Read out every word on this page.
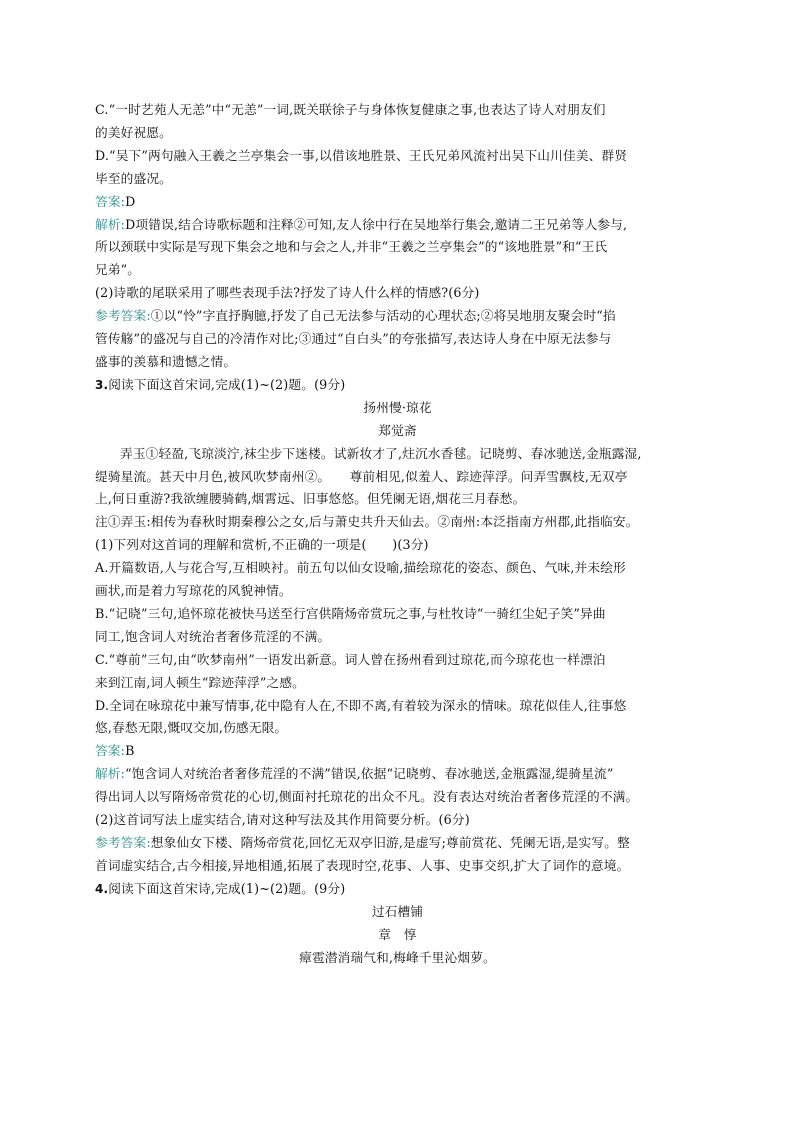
C.“一时艺苑人无恙”中“无恙”一词,既关联徐子与身体恢复健康之事,也表达了诗人对朋友们

的美好祝愿。

D.“吴下”两句融入王羲之兰亭集会一事,以借该地胜景、王氏兄弟风流衬出吴下山川佳美、群贤

毕至的盛况。

答案:D

解析:D项错误,结合诗歌标题和注释②可知,友人徐中行在吴地举行集会,邀请二王兄弟等人参与,

所以颈联中实际是写现下集会之地和与会之人,并非“王羲之兰亭集会”的“该地胜景”和“王氏

兄弟”。

(2)诗歌的尾联采用了哪些表现手法?抒发了诗人什么样的情感?(6分)

参考答案:①以“怜”字直抒胸臆,抒发了自己无法参与活动的心理状态;②将吴地朋友聚会时“掐

管传觞”的盛况与自己的冷清作对比;③通过“自白头”的夸张描写,表达诗人身在中原无法参与

盛事的羡慕和遗憾之情。

3.阅读下面这首宋词,完成(1)~(2)题。(9分)

扬州慢·琼花

郑觉斋

弄玉①轻盈,飞琼淡泞,袜尘步下迷楼。试新妆才了,炷沉水香毬。记晓剪、春冰驰送,金瓶露湿,

缇骑星流。甚天中月色,被风吹梦南州②。　　尊前相见,似羞人、踪迹萍浮。问弄雪飘枝,无双亭

上,何日重游?我欲缠腰骑鹤,烟霄远、旧事悠悠。但凭阑无语,烟花三月春愁。

注①弄玉:相传为春秋时期秦穆公之女,后与萧史共升天仙去。②南州:本泛指南方州郡,此指临安。

(1)下列对这首词的理解和赏析,不正确的一项是(　　)(3分)

A.开篇数语,人与花合写,互相映衬。前五句以仙女设喻,描绘琼花的姿态、颜色、气味,并未绘形

画状,而是着力写琼花的风貌神情。

B.“记晓”三句,追怀琼花被快马送至行宫供隋炀帝赏玩之事,与杜牧诗“一骑红尘妃子笑”异曲

同工,饱含词人对统治者奢侈荒淫的不满。

C.“尊前”三句,由“吹梦南州”一语发出新意。词人曾在扬州看到过琼花,而今琼花也一样漂泊

来到江南,词人顿生“踪迹萍浮”之感。

D.全词在咏琼花中兼写情事,花中隐有人在,不即不离,有着较为深永的情味。琼花似佳人,往事悠

悠,春愁无限,慨叹交加,伤感无限。

答案:B

解析:“饱含词人对统治者奢侈荒淫的不满”错误,依据“记晓剪、春冰驰送,金瓶露湿,缇骑星流”

得出词人以写隋炀帝赏花的心切,侧面衬托琼花的出众不凡。没有表达对统治者奢侈荒淫的不满。

(2)这首词写法上虚实结合,请对这种写法及其作用简要分析。(6分)

参考答案:想象仙女下楼、隋炀帝赏花,回忆无双亭旧游,是虚写;尊前赏花、凭阑无语,是实写。整

首词虚实结合,古今相接,异地相通,拓展了表现时空,花事、人事、史事交织,扩大了词作的意境。

4.阅读下面这首宋诗,完成(1)~(2)题。(9分)

过石槽铺

章　惇

瘴雹潜消瑞气和,梅峰千里沁烟萝。
